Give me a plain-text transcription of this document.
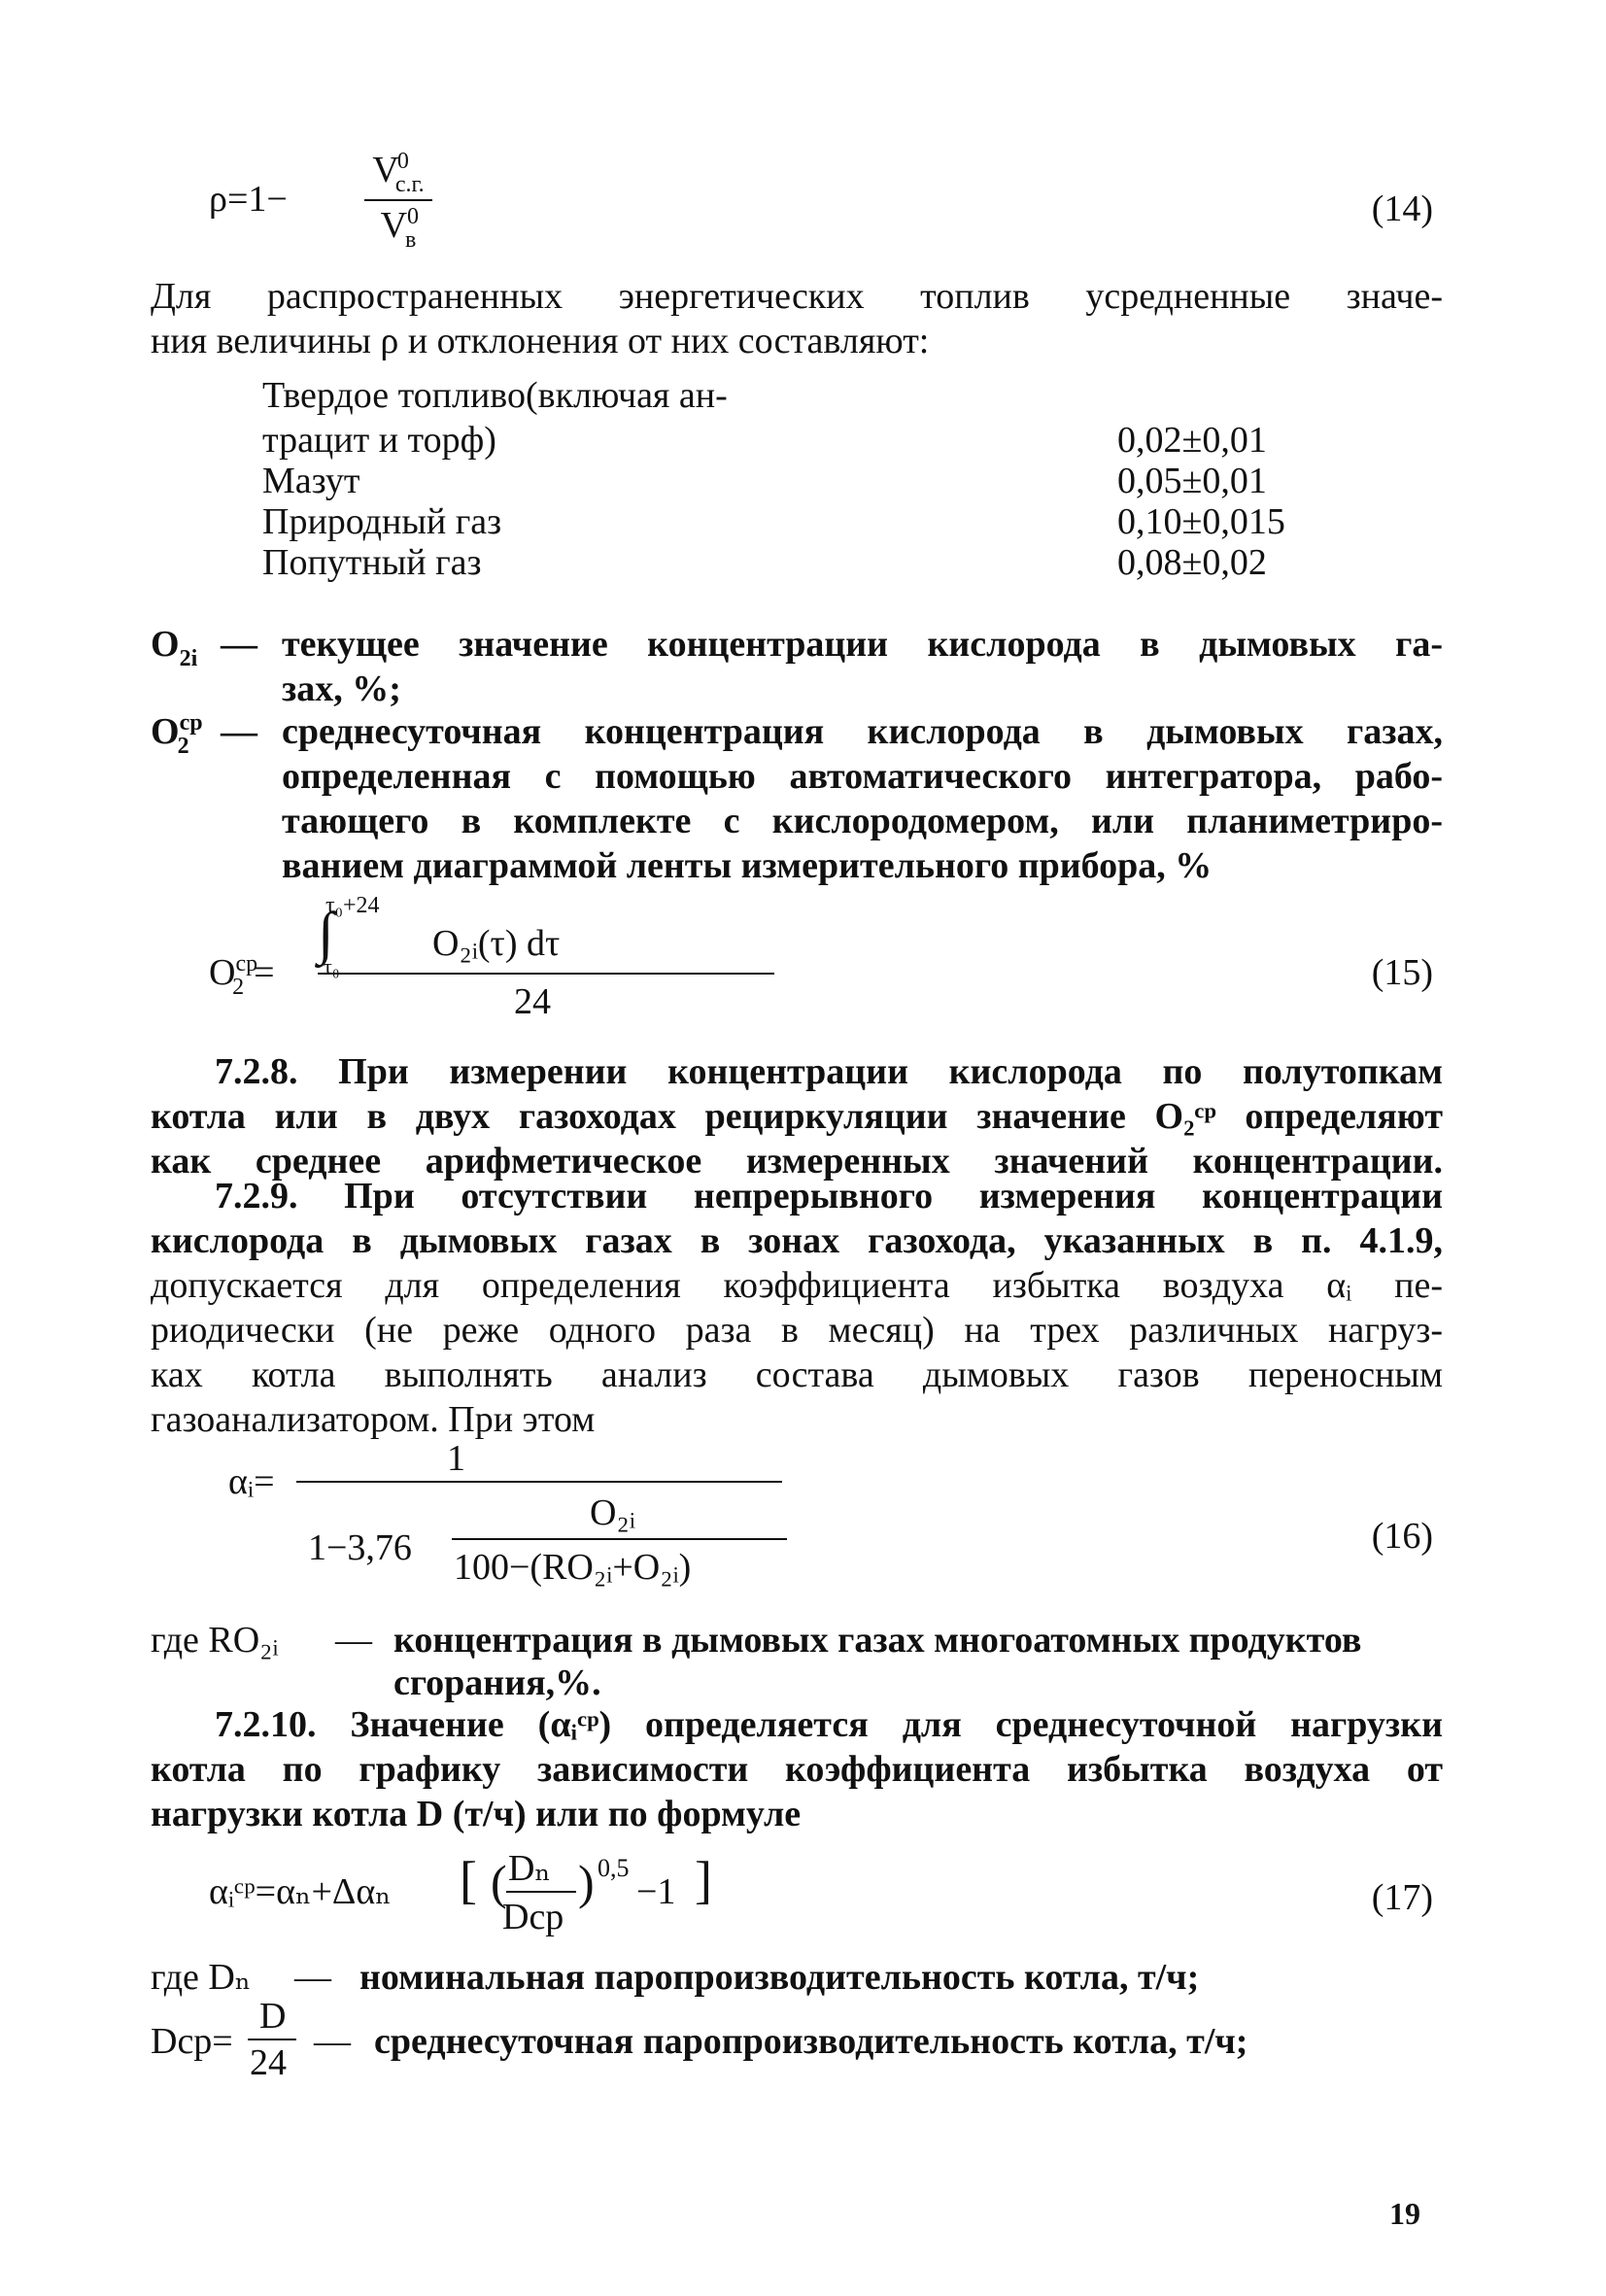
ρ=1−
$V^0_{с.г.}$
$V^0_в$
(14)
Для распространенных энергетических топлив усредненные значе-
ния величины ρ и отклонения от них составляют:
Твердое топливо(включая ан-
трацит и торф)	0,02±0,01
Мазут	0,05±0,01
Природный газ	0,10±0,015
Попутный газ	0,08±0,02
$O_{2i}$ — текущее значение концентрации кислорода в дымовых га-
зах, %;
$O^{ср}_2$ — среднесуточная концентрация кислорода в дымовых газах,
определенная с помощью автоматического интегратора, рабо-
тающего в комплекте с кислородомером, или планиметриро-
ванием диаграммой ленты измерительного прибора, %
$O^{ср}_2$ =
τ₀+24
∫
τ₀
O₂ᵢ(τ) dτ
24
(15)
7.2.8. При измерении концентрации кислорода по полутопкам
котла или в двух газоходах рециркуляции значение O₂ᶜᵖ определяют
как среднее арифметическое измеренных значений концентрации.
7.2.9. При отсутствии непрерывного измерения концентрации
кислорода в дымовых газах в зонах газохода, указанных в п. 4.1.9,
допускается для определения коэффициента избытка воздуха αᵢ пе-
риодически (не реже одного раза в месяц) на трех различных нагруз-
ках котла выполнять анализ состава дымовых газов переносным
газоанализатором. При этом
αᵢ=
1
1−3,76
O₂ᵢ
100−(RO₂ᵢ+O₂ᵢ)
(16)
где RO₂ᵢ — концентрация в дымовых газах многоатомных продуктов
сгорания,%.
7.2.10. Значение (αᵢᶜᵖ) определяется для среднесуточной нагрузки
котла по графику зависимости коэффициента избытка воздуха от
нагрузки котла D (т/ч) или по формуле
αᵢᶜᵖ=αₙ+Δαₙ [ ( Dₙ
Dср
) 0,5
−1 ]	(17)
где Dₙ — номинальная паропроизводительность котла, т/ч;
Dср=
D
24
— среднесуточная паропроизводительность котла, т/ч;
19
